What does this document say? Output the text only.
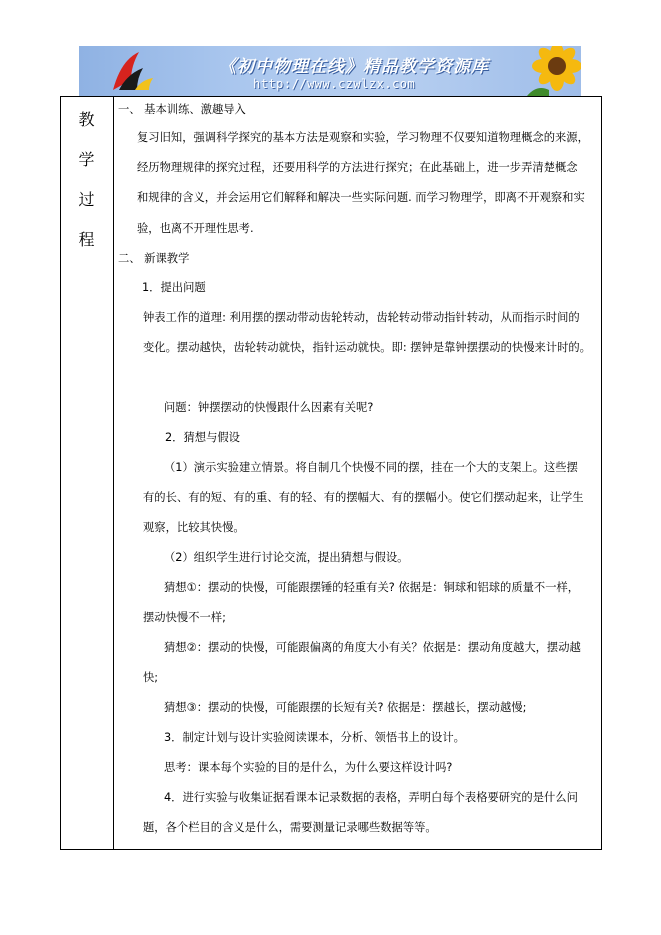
《初中物理在线》精品教学资源库
http://www.czwlzx.com
教
学
过
程
一、 基本训练、激趣导入
复习旧知，强调科学探究的基本方法是观察和实验，学习物理不仅要知道物理概念的来源，
经历物理规律的探究过程，还要用科学的方法进行探究；在此基础上，进一步弄清楚概念
和规律的含义，并会运用它们解释和解决一些实际问题. 而学习物理学，即离不开观察和实
验，也离不开理性思考.
二、 新课教学
1．提出问题
钟表工作的道理: 利用摆的摆动带动齿轮转动，齿轮转动带动指针转动，从而指示时间的
变化。摆动越快，齿轮转动就快，指针运动就快。即: 摆钟是靠钟摆摆动的快慢来计时的。
问题：钟摆摆动的快慢跟什么因素有关呢?
2．猜想与假设
（1）演示实验建立情景。将自制几个快慢不同的摆，挂在一个大的支架上。这些摆
有的长、有的短、有的重、有的轻、有的摆幅大、有的摆幅小。使它们摆动起来，让学生
观察，比较其快慢。
（2）组织学生进行讨论交流，提出猜想与假设。
猜想①：摆动的快慢，可能跟摆锤的轻重有关? 依据是：铜球和铝球的质量不一样，
摆动快慢不一样;
猜想②：摆动的快慢，可能跟偏离的角度大小有关？依据是：摆动角度越大，摆动越
快;
猜想③：摆动的快慢，可能跟摆的长短有关? 依据是：摆越长，摆动越慢;
3．制定计划与设计实验阅读课本，分析、领悟书上的设计。
思考：课本每个实验的目的是什么，为什么要这样设计吗?
4．进行实验与收集证据看课本记录数据的表格，弄明白每个表格要研究的是什么问
题，各个栏目的含义是什么，需要测量记录哪些数据等等。
